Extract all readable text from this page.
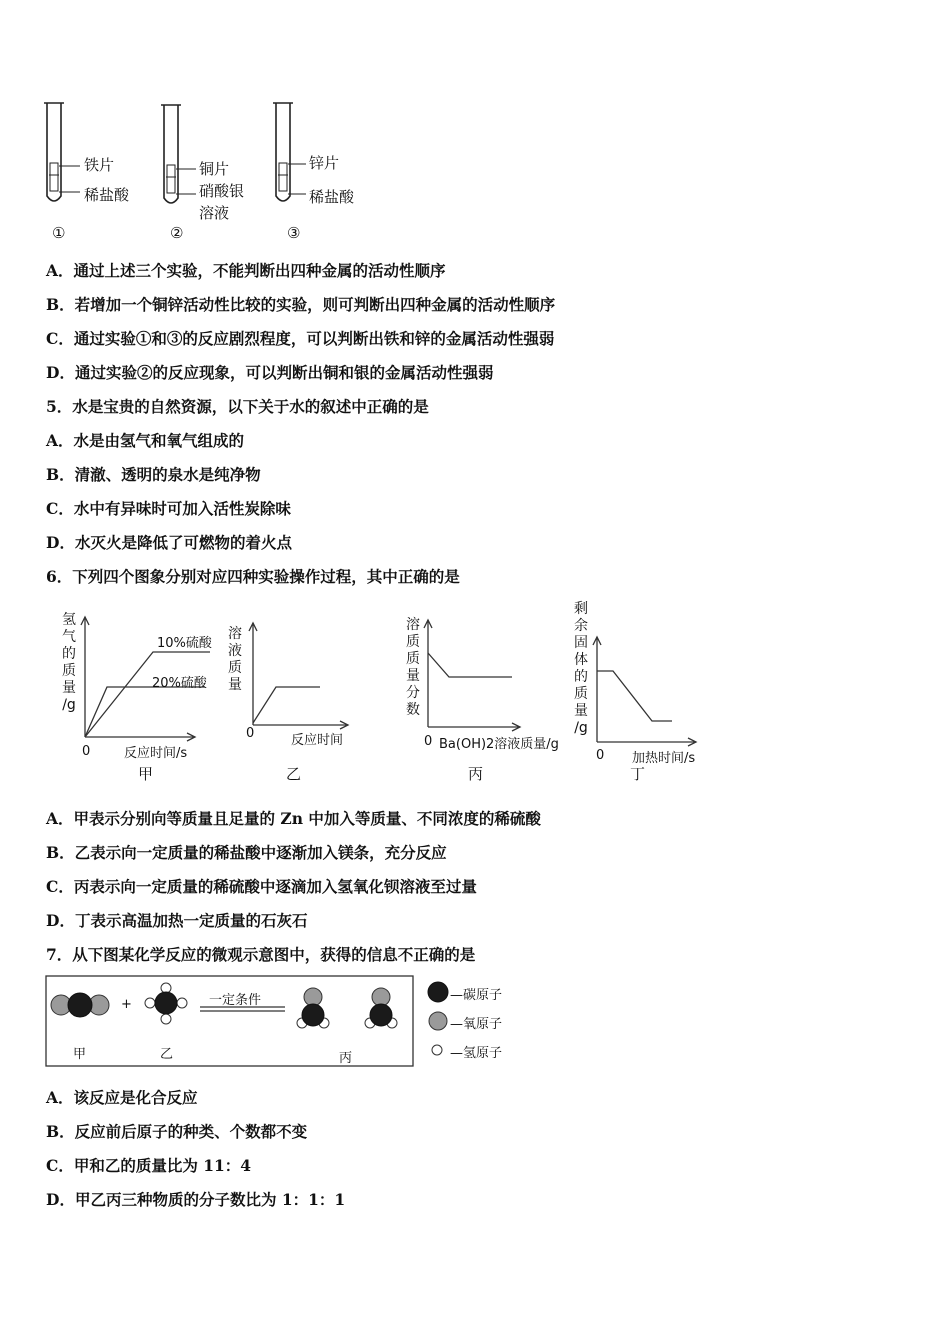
铁片
稀盐酸
①
铜片
硝酸银
溶液
②
锌片
稀盐酸
③
A．通过上述三个实验，不能判断出四种金属的活动性顺序
B．若增加一个铜锌活动性比较的实验，则可判断出四种金属的活动性顺序
C．通过实验①和③的反应剧烈程度，可以判断出铁和锌的金属活动性强弱
D．通过实验②的反应现象，可以判断出铜和银的金属活动性强弱
5．水是宝贵的自然资源，以下关于水的叙述中正确的是
A．水是由氢气和氧气组成的
B．清澈、透明的泉水是纯净物
C．水中有异味时可加入活性炭除味
D．水灭火是降低了可燃物的着火点
6．下列四个图象分别对应四种实验操作过程，其中正确的是
氢
气
的
质
量
/g
0	反应时间/s
10%硫酸
20%硫酸
甲
溶
液
质
量
0	反应时间
乙
溶
质
质
量
分
数
0 Ba(OH)2溶液质量/g
丙
剩
余
固
体
的
质
量
/g
0 加热时间/s
丁
A．甲表示分别向等质量且足量的 Zn 中加入等质量、不同浓度的稀硫酸
B．乙表示向一定质量的稀盐酸中逐渐加入镁条，充分反应
C．丙表示向一定质量的稀硫酸中逐滴加入氢氧化钡溶液至过量
D．丁表示高温加热一定质量的石灰石
7．从下图某化学反应的微观示意图中，获得的信息不正确的是
+	一定条件
甲	乙	丙
—碳原子
—氧原子
—氢原子
A．该反应是化合反应
B．反应前后原子的种类、个数都不变
C．甲和乙的质量比为 11：4
D．甲乙丙三种物质的分子数比为 1：1：1
